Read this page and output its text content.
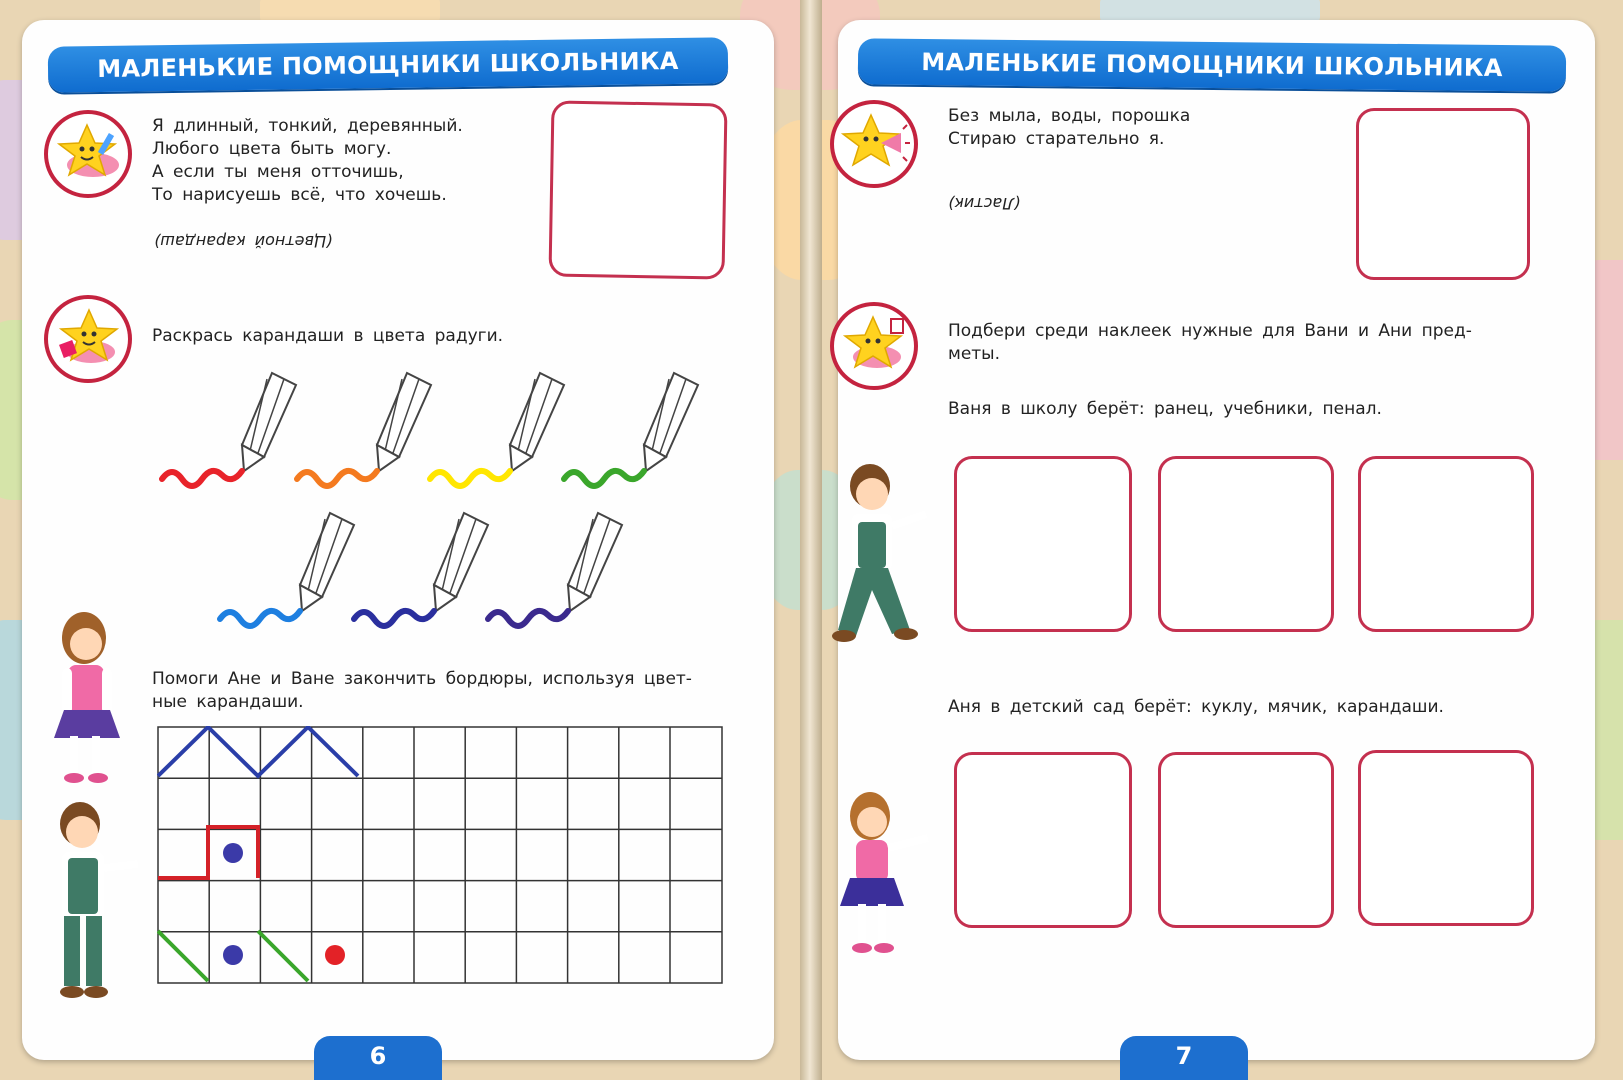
МАЛЕНЬКИЕ ПОМОЩНИКИ ШКОЛЬНИКА
Я длинный, тонкий, деревянный.
Любого цвета быть могу.
А если ты меня отточишь,
То нарисуешь всё, что хочешь.
(Цветной карандаш)
Раскрась карандаши в цвета радуги.
Помоги Ане и Ване закончить бордюры, используя цвет-
ные карандаши.
6
МАЛЕНЬКИЕ ПОМОЩНИКИ ШКОЛЬНИКА
Без мыла, воды, порошка
Стираю старательно я.
(Ластик)
Подбери среди наклеек нужные для Вани и Ани пред-
меты.
Ваня в школу берёт: ранец, учебники, пенал.
Аня в детский сад берёт: куклу, мячик, карандаши.
7
